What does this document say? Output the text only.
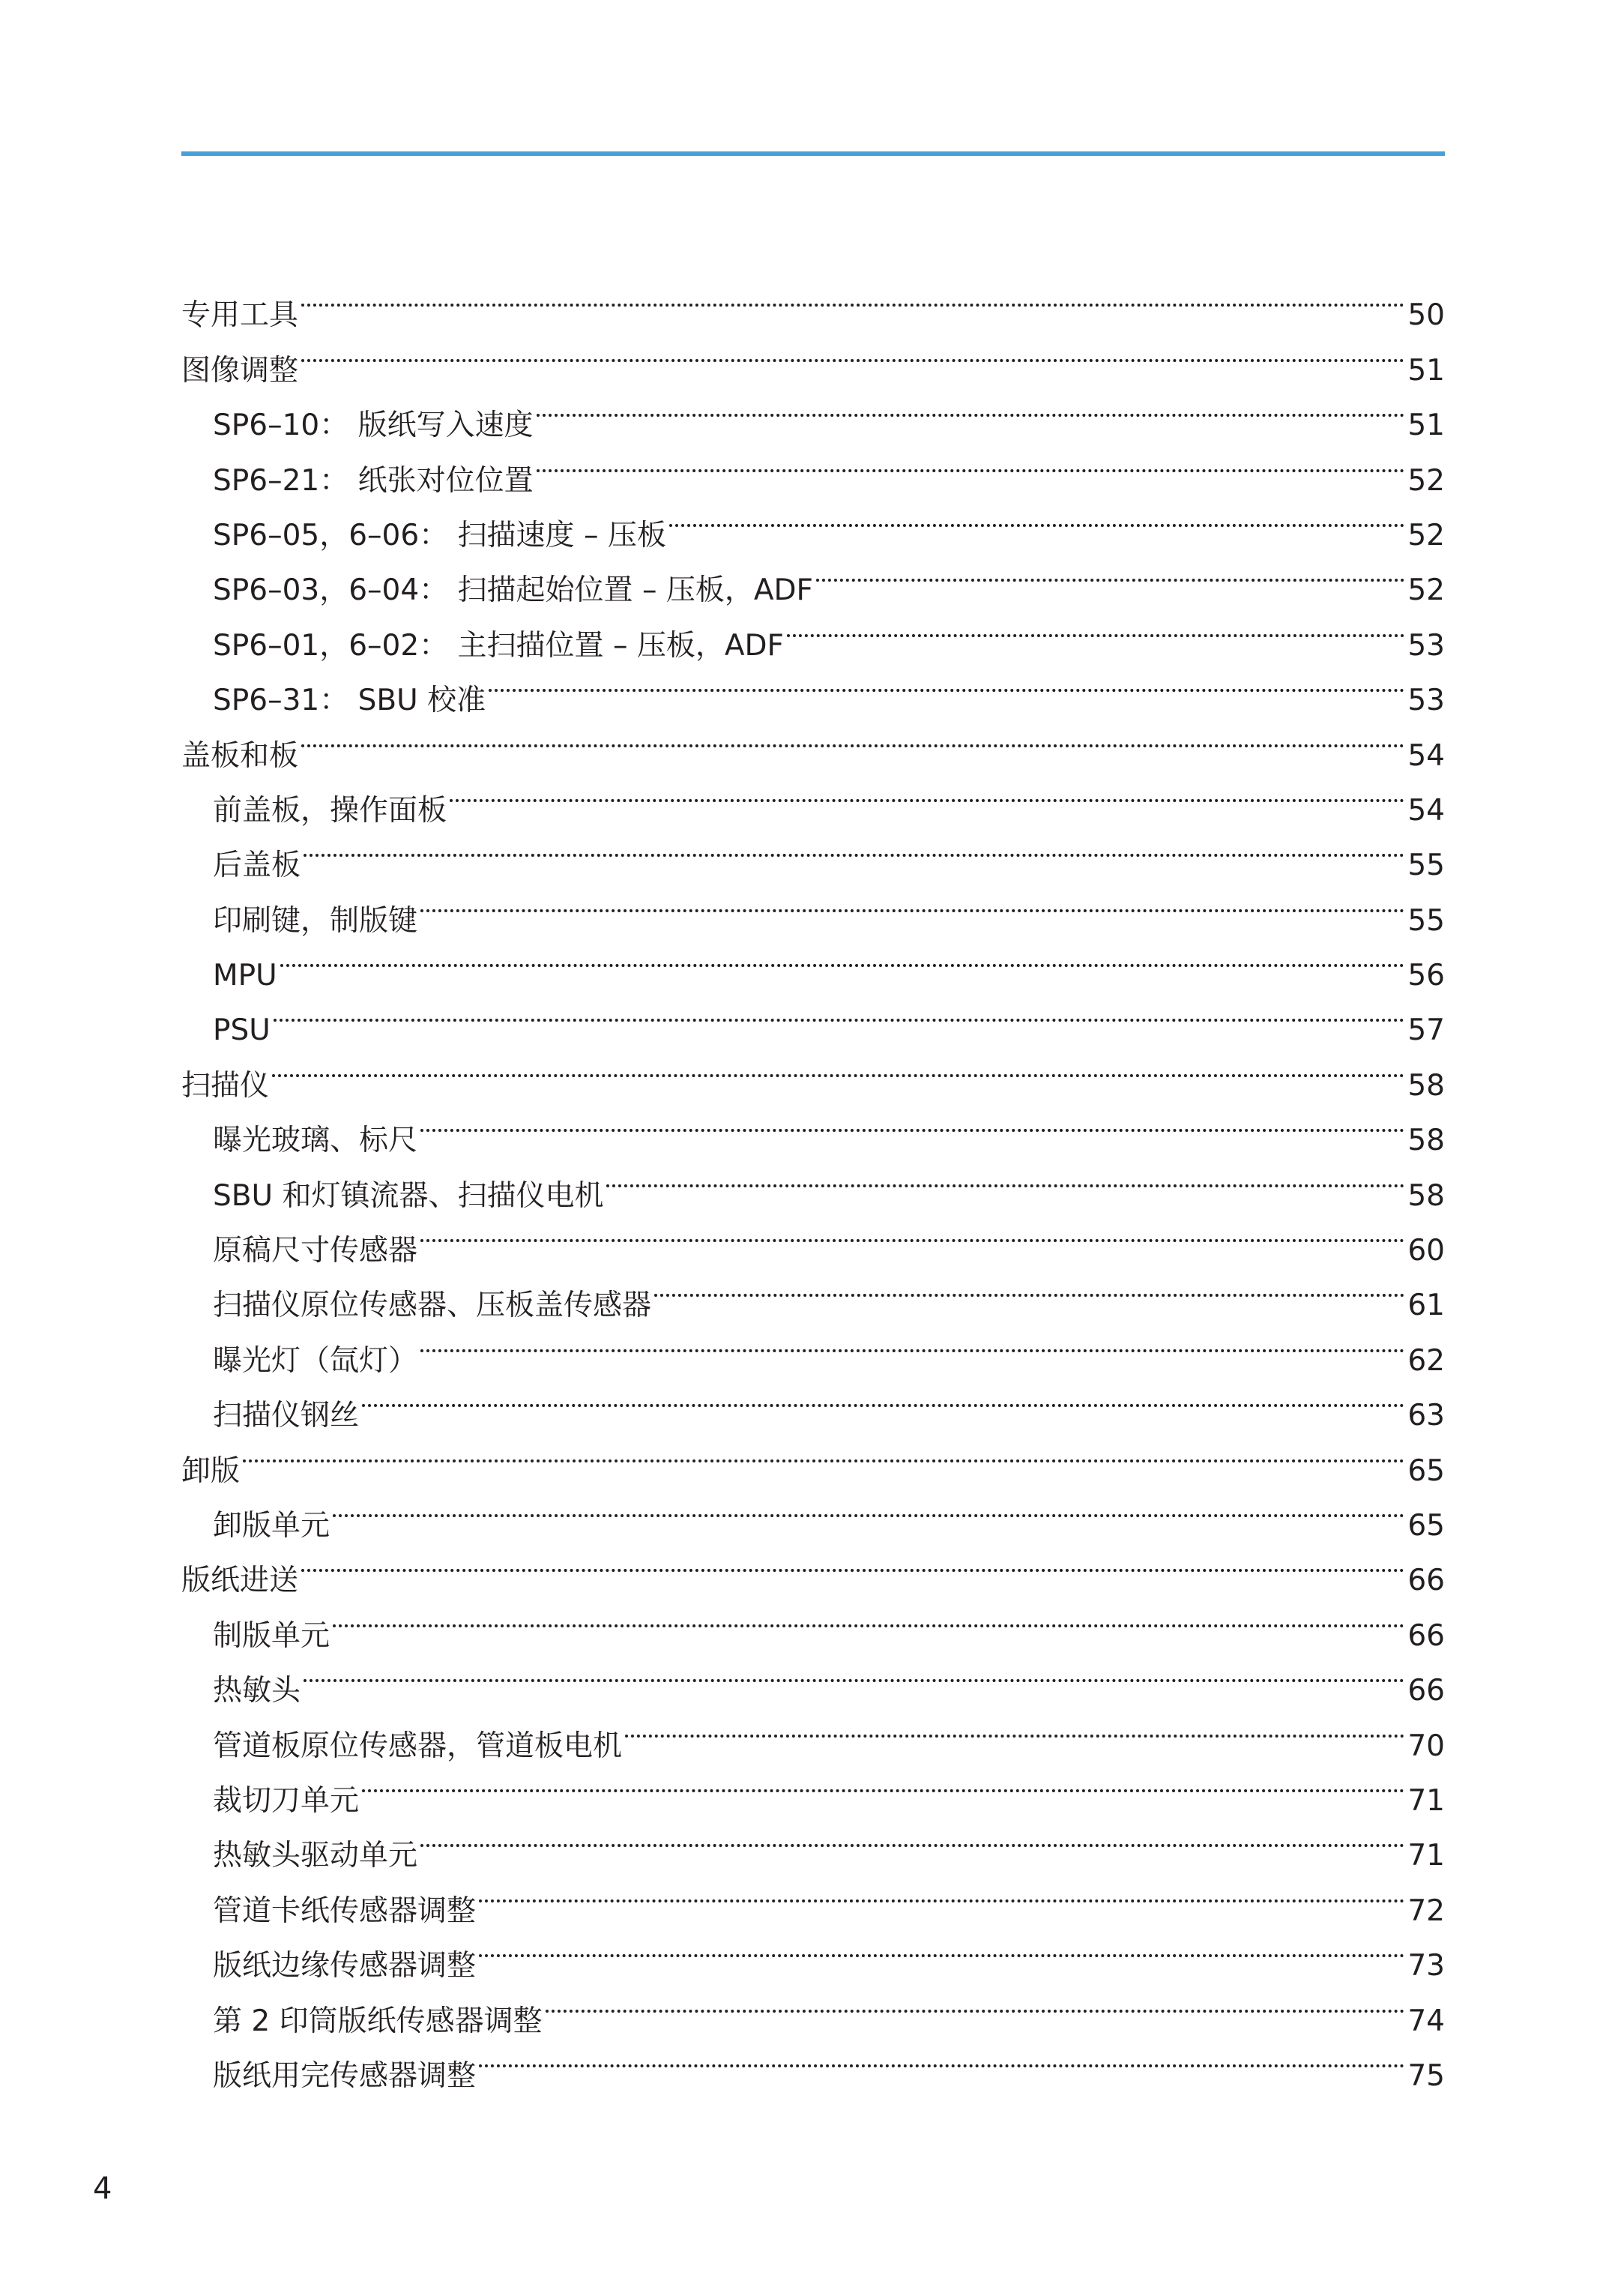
专用工具	50
图像调整	51
SP6–10： 版纸写入速度	51
SP6–21： 纸张对位位置	52
SP6–05，6–06： 扫描速度 – 压板	52
SP6–03，6–04： 扫描起始位置 – 压板，ADF	52
SP6–01，6–02： 主扫描位置 – 压板，ADF	53
SP6–31： SBU 校准	53
盖板和板	54
前盖板，操作面板	54
后盖板	55
印刷键，制版键	55
MPU	56
PSU	57
扫描仪	58
曝光玻璃、标尺	58
SBU 和灯镇流器、扫描仪电机	58
原稿尺寸传感器	60
扫描仪原位传感器、压板盖传感器	61
曝光灯（氙灯）	62
扫描仪钢丝	63
卸版	65
卸版单元	65
版纸进送	66
制版单元	66
热敏头	66
管道板原位传感器，管道板电机	70
裁切刀单元	71
热敏头驱动单元	71
管道卡纸传感器调整	72
版纸边缘传感器调整	73
第 2 印筒版纸传感器调整	74
版纸用完传感器调整	75
4
